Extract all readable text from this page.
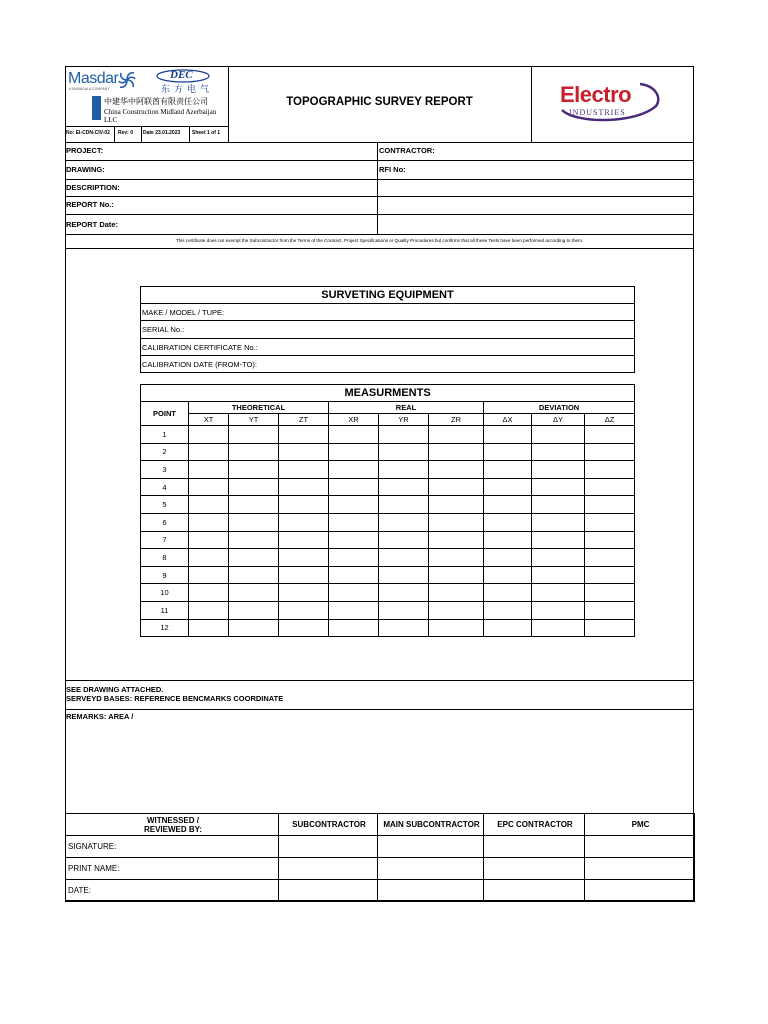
Masdar
A MUBADALA COMPANY
DEC
东方电气
中建华中阿联酋有限责任公司
China Construction Midland Azerbaijan LLC
No: EI-CDN-CIV-02 Rev: 0 Date 23.01.2023 Sheet 1 of 1
TOPOGRAPHIC SURVEY REPORT	Electro
INDUSTRIES
PROJECT:	CONTRACTOR:
DRAWING:	RFI No:
DESCRIPTION:
REPORT No.:
REPORT Date:
This certificate does not exempt the Subcontractor from the Terms of the Contract, Project Specifications or Quality Procedures but confirms that all these Tests have been performed according to them.
SURVETING EQUIPMENT
MAKE / MODEL / TUPE:
SERIAL No.:
CALIBRATION CERTIFICATE No.:
CALIBRATION DATE (FROM-TO):
MEASURMENTS									
POINT	THEORETICAL			REAL			DEVIATION		
	XT	YT	ZT	XR	YR	ZR	ΔX	ΔY	ΔZ
1									
2									
3									
4									
5									
6									
7									
8									
9									
10									
11									
12									
SEE DRAWING ATTACHED.
SERVEYD BASES: REFERENCE BENCMARKS COORDINATE
REMARKS: AREA /
WITNESSED /
REVIEWED BY:	SUBCONTRACTOR	MAIN SUBCONTRACTOR	EPC CONTRACTOR	PMC
SIGNATURE:				
PRINT NAME:				
DATE:				
